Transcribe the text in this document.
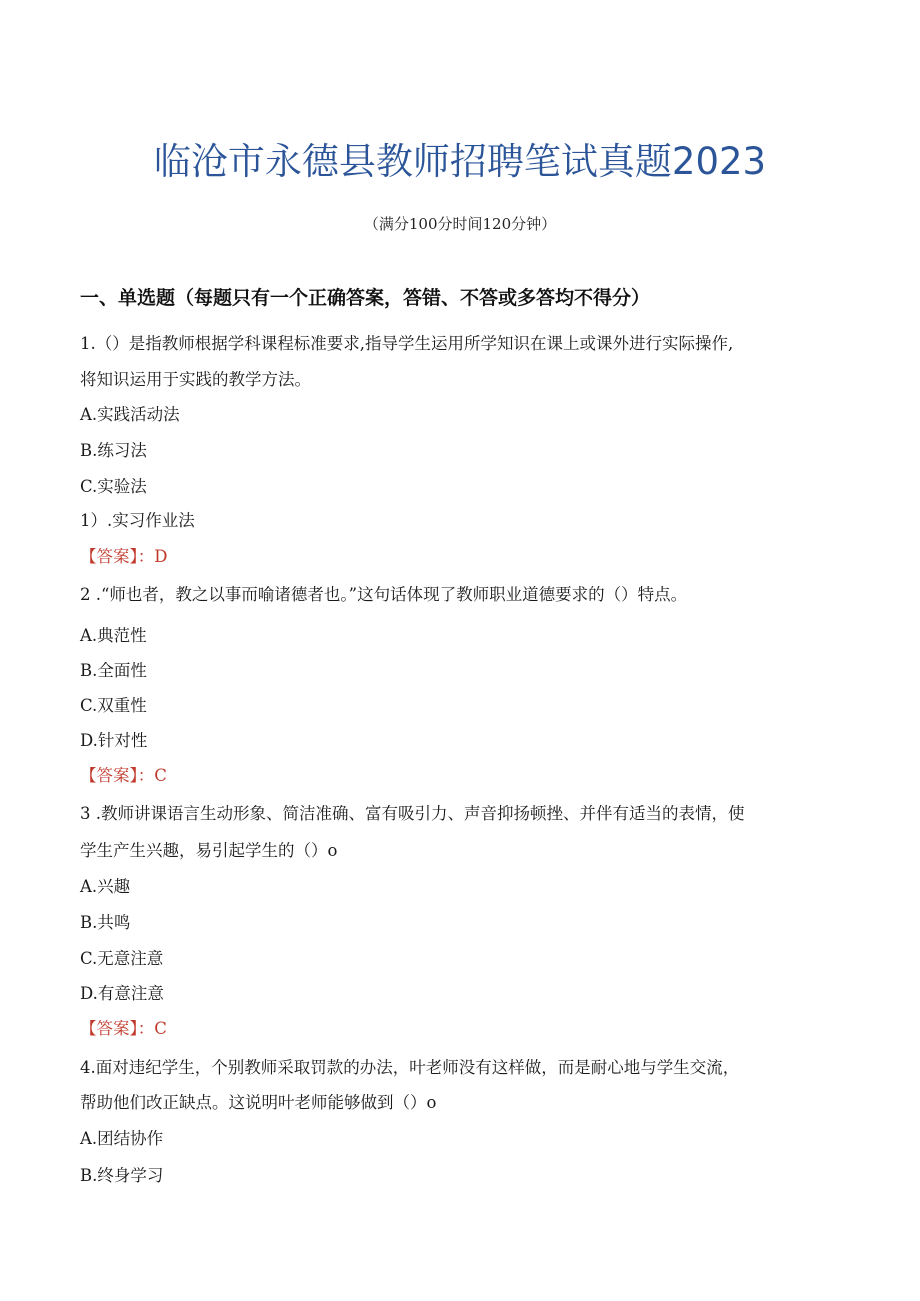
临沧市永德县教师招聘笔试真题2023
（满分100分时间120分钟）
一、单选题（每题只有一个正确答案，答错、不答或多答均不得分）
1.（）是指教师根据学科课程标准要求,指导学生运用所学知识在课上或课外进行实际操作,
将知识运用于实践的教学方法。
A.实践活动法
B.练习法
C.实验法
1）.实习作业法
【答案】：D
2 .“师也者，教之以事而喻诸德者也。”这句话体现了教师职业道德要求的（）特点。
A.典范性
B.全面性
C.双重性
D.针对性
【答案】：C
3 .教师讲课语言生动形象、简洁准确、富有吸引力、声音抑扬顿挫、并伴有适当的表情，使
学生产生兴趣，易引起学生的（）o
A.兴趣
B.共鸣
C.无意注意
D.有意注意
【答案】：C
4.面对违纪学生，个别教师采取罚款的办法，叶老师没有这样做，而是耐心地与学生交流，
帮助他们改正缺点。这说明叶老师能够做到（）o
A.团结协作
B.终身学习
